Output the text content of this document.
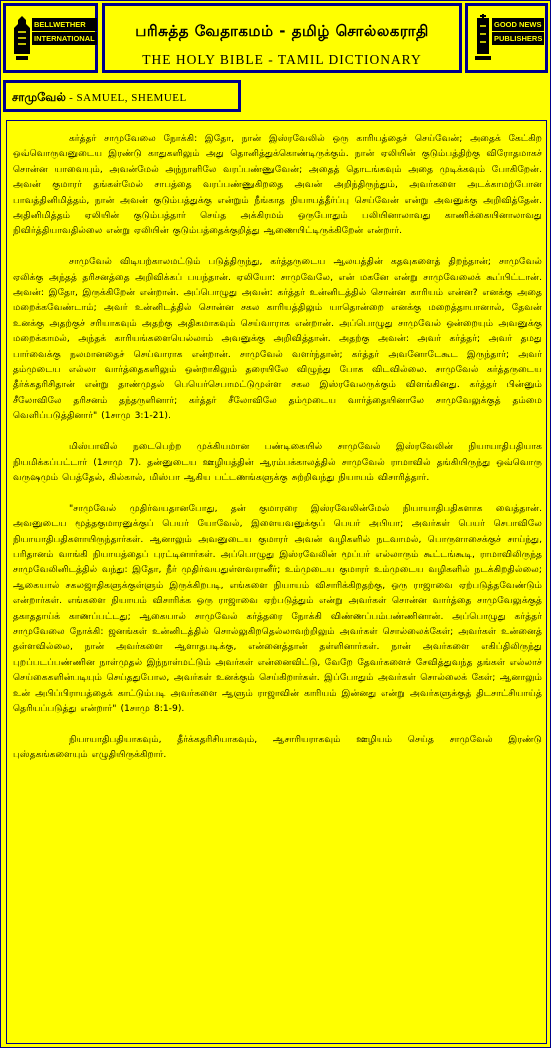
BELLWETHER
INTERNATIONAL	பரிசுத்த வேதாகமம் - தமிழ் சொல்லகராதி
THE HOLY BIBLE - TAMIL DICTIONARY
GOOD NEWS
PUBLISHERS
சாமுவேல் - SAMUEL, SHEMUEL

கர்த்தர் சாமுவேலை நோக்கி: இதோ, நான் இஸ்ரவேலில் ஒரு காரியத்தைச் செய்வேன்; அதைக் கேட்கிற ஒவ்வொருவனுடைய இரண்டு காதுகளிலும் அது தொனித்துக்கொண்டிருக்கும். நான் ஏலியின் குடும்பத்திற்கு விரோதமாகச் சொன்ன யாவையும், அவன்மேல் அந்நாளிலே வரப்பண்ணுவேன்; அதைத் தொடங்கவும் அதை முடிக்கவும் போகிறேன். அவன் குமாரர் தங்கள்மேல் சாபத்தை வரப்பண்ணுகிறதை அவன் அறிந்திருந்தும், அவர்களை அடக்காமற்போன பாவத்தினிமித்தம், நான் அவன் குடும்பத்துக்கு என்றும் நீங்காத நியாயத்தீர்ப்பு செய்வேன் என்று அவனுக்கு அறிவித்தேன். அதினிமித்தம் ஏலியின் குடும்பத்தார் செய்த அக்கிரமம் ஒருபோதும் பலியினாலாவது காணிக்கையினாலாவது நிவிர்த்தியாவதில்லை என்று ஏலியின் குடும்பத்தைக்குறித்து ஆணையிட்டிருக்கிறேன் என்றார்.

சாமுவேல் விடியற்காலமட்டும் படுத்திருந்து, கர்த்தருடைய ஆலயத்தின் கதவுகளைத் திறந்தான்; சாமுவேல் ஏலிக்கு அந்தத் தரிசனத்தை அறிவிக்கப் பயந்தான். ஏலியோ: சாமுவேலே, என் மகனே என்று சாமுவேலைக் கூப்பிட்டான். அவன்: இதோ, இருக்கிறேன் என்றான். அப்பொழுது அவன்: கர்த்தர் உன்னிடத்தில் சொன்ன காரியம் என்ன? எனக்கு அதை மறைக்கவேண்டாம்; அவர் உன்னிடத்தில் சொன்ன சகல காரியத்திலும் யாதொன்றை எனக்கு மறைத்தாயானால், தேவன் உனக்கு அதற்குச் சரியாகவும் அதற்கு அதிகமாகவும் செய்வாராக என்றான். அப்பொழுது சாமுவேல் ஒன்றையும் அவனுக்கு மறைக்காமல், அந்தக் காரியங்களையெல்லாம் அவனுக்கு அறிவித்தான். அதற்கு அவன்: அவர் கர்த்தர்; அவர் தமது பார்வைக்கு நலமானதைச் செய்வாராக என்றான். சாமுவேல் வளர்ந்தான்; கர்த்தர் அவனோடேகூட இருந்தார்; அவர் தம்முடைய எல்லா வார்த்தைகளிலும் ஒன்றாகிலும் தரையிலே விழுந்து போக விடவில்லை. சாமுவேல் கர்த்தருடைய தீர்க்கதரிசிதான் என்று தாண்முதல் பெயெர்செபாமட்டுமுள்ள சகல இஸ்ரவேலருக்கும் விளங்கினது. கர்த்தர் பின்னும் சீலோவிலே தரிசனம் தந்தருளினார்; கர்த்தர் சீலோவிலே தம்முடைய வார்த்தையினாலே சாமுவேலுக்குத் தம்மை வெளிப்படுத்தினார்" (1சாமு 3:1-21).

மிஸ்பாவில் நடைபெற்ற முக்கியமான பண்டிகையில் சாமுவேல் இஸ்ரவேலின் நியாயாதிபதியாக நியமிக்கப்பட்டார் (1சாமு 7). தன்னுடைய ஊழியத்தின் ஆரம்பக்காலத்தில் சாமுவேல் ராமாவில் தங்கியிருந்து ஒவ்வொரு வருஷமும் பெத்தேல், கில்கால், மிஸ்பா ஆகிய பட்டணங்களுக்கு சுற்றிவந்து நியாயம் விசாரித்தார்.

"சாமுவேல் முதிர்வயதானபோது, தன் குமாரரை இஸ்ரவேலின்மேல் நியாயாதிபதிகளாக வைத்தான். அவனுடைய மூத்தகுமாரனுக்குப் பெயர் யோவேல், இளையவனுக்குப் பெயர் அபியா; அவர்கள் பெயர் செபாவிலே நியாயாதிபதிகளாயிருந்தார்கள். ஆனாலும் அவனுடைய குமாரர் அவன் வழிகளில் நடவாமல், பொருளாசைக்குச் சாய்ந்து, பரிதானம் வாங்கி நியாயத்தைப் புரட்டினார்கள். அப்பொழுது இஸ்ரவேலின் மூப்பர் எல்லாரும் கூட்டங்கூடி, ராமாவிலிருந்த சாமுவேலினிடத்தில் வந்து: இதோ, நீர் முதிர்வயதுள்ளவரானீர்; உம்முடைய குமாரர் உம்முடைய வழிகளில் நடக்கிறதில்லை; ஆகையால் சகலஜாதிகளுக்குள்ளும் இருக்கிறபடி, எங்களை நியாயம் விசாரிக்கிறதற்கு, ஒரு ராஜாவை ஏற்படுத்தவேண்டும் என்றார்கள். எங்களை நியாயம் விசாரிக்க ஒரு ராஜாவை ஏற்படுத்தும் என்று அவர்கள் சொன்ன வார்த்தை சாமுவேலுக்குத் தகாததாய்க் காணப்பட்டது; ஆகையால் சாமுவேல் கர்த்தரை நோக்கி விண்ணப்பம்பண்ணினான். அப்பொழுது கர்த்தர் சாமுவேலை நோக்கி: ஜனங்கள் உன்னிடத்தில் சொல்லுகிறதெல்லாவற்றிலும் அவர்கள் சொல்லைக்கேள்; அவர்கள் உன்னைத் தள்ளவில்லை, நான் அவர்களை ஆளாதபடிக்கு, என்னைத்தான் தள்ளினார்கள். நான் அவர்களை எகிப்திலிருந்து புறப்படப்பண்ணின நாள்முதல் இந்நாள்மட்டும் அவர்கள் என்னைவிட்டு, வேறே தேவர்களைச் சேவித்துவந்த தங்கள் எல்லாச் செய்கைகளின்படியும் செய்ததுபோல, அவர்கள் உனக்கும் செய்கிறார்கள். இப்போதும் அவர்கள் சொல்லைக் கேள்; ஆனாலும் உன் அபிப்பிராயத்தைக் காட்டும்படி அவர்களை ஆளும் ராஜாவின் காரியம் இன்னது என்று அவர்களுக்குத் திடசாட்சியாய்த் தெரியப்படுத்து என்றார்" (1சாமு 8:1-9).

நியாயாதிபதியாகவும், தீர்க்கதரிசியாகவும், ஆசாரியராகவும் ஊழியம் செய்த சாமுவேல் இரண்டு புஸ்தகங்களையும் எழுதியிருக்கிறார்.
